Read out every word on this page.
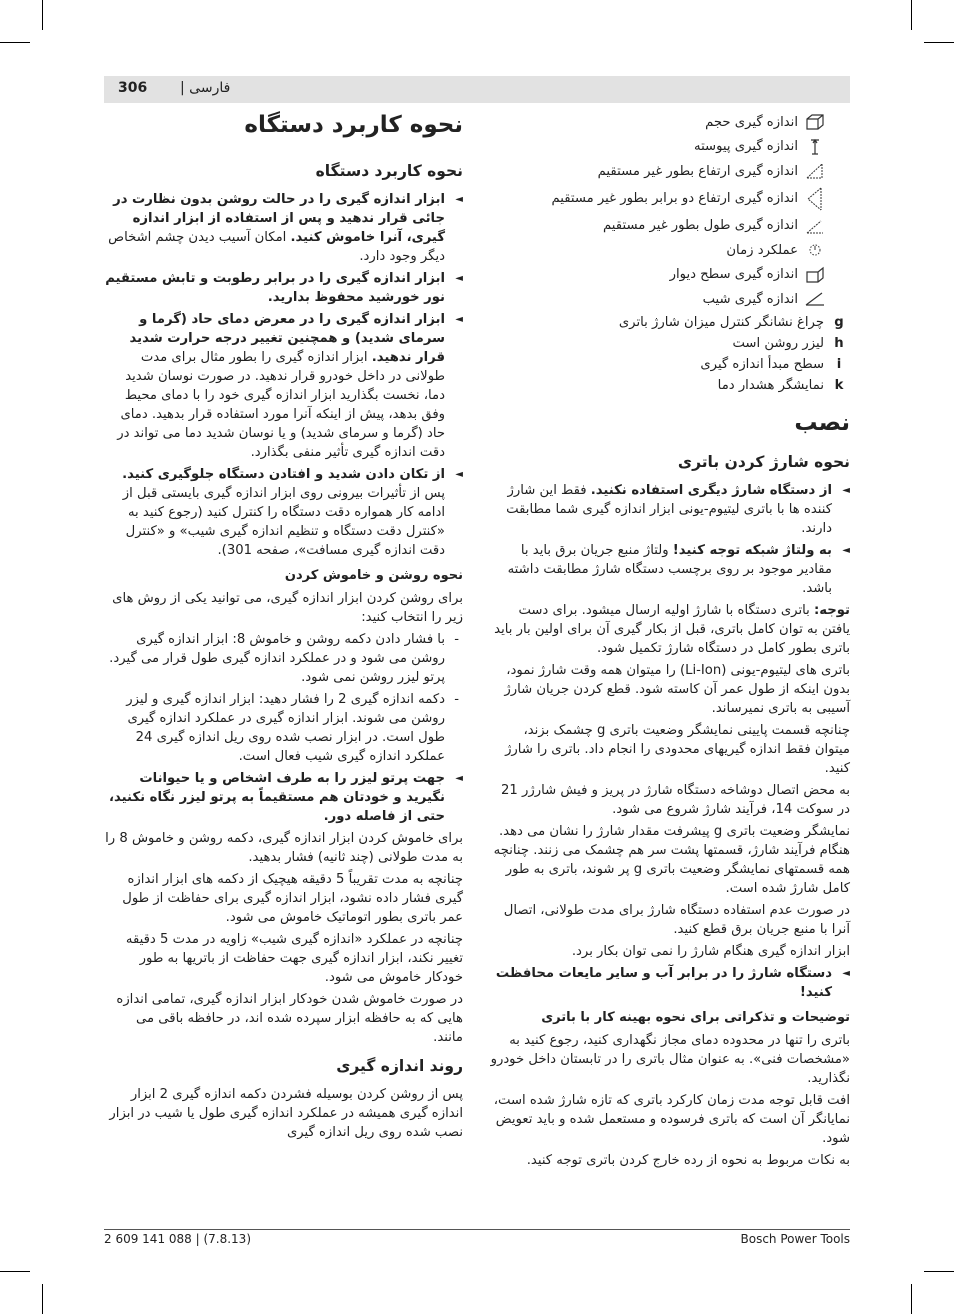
306 | فارسی
نحوه کاربرد دستگاه
نحوه کاربرد دستگاه
◄ ابزار اندازه گیری را در حالت روشن بدون نظارت در جائی قرار ندهید و پس از استفاده از ابزار اندازه گیری، آنرا خاموش کنید. امکان آسیب دیدن چشم اشخاص دیگر وجود دارد.
◄ ابزار اندازه گیری را در برابر رطوبت و تابش مستقیم نور خورشید محفوظ بدارید.
◄ ابزار اندازه گیری را در معرض دمای حاد (گرما و سرمای شدید) و همچنین تغییر درجه حرارت شدید قرار ندهید. ابزار اندازه گیری را بطور مثال برای مدت طولانی در داخل خودرو قرار ندهید. در صورت نوسان شدید دما، نخست بگذارید ابزار اندازه گیری خود را با دمای محیط وفق بدهد، پیش از اینکه آنرا مورد استفاده قرار بدهید. دمای حاد (گرما و سرمای شدید) و یا نوسان شدید دما می تواند در دقت اندازه گیری تأثیر منفی بگذارد.
◄ از تکان دادن شدید و افتادن دستگاه جلوگیری کنید. پس از تأثیرات بیرونی روی ابزار اندازه گیری بایستی قبل از ادامه کار همواره دقت دستگاه را کنترل کنید (رجوع کنید به «کنترل دقت دستگاه و تنظیم اندازه گیری شیب» و «کنترل دقت اندازه گیری مسافت»، صفحه 301).
نحوه روشن و خاموش کردن

برای روشن کردن ابزار اندازه گیری، می توانید یکی از روش های زیر را انتخاب کنید:

- با فشار دادن دکمه روشن و خاموش 8: ابزار اندازه گیری روشن می شود و در عملکرد اندازه گیری طول قرار می گیرد. پرتو لیزر روشن نمی شود.
- دکمه اندازه گیری 2 را فشار دهید: ابزار اندازه گیری و لیزر روشن می شوند. ابزار اندازه گیری در عملکرد اندازه گیری طول است. در ابزار نصب شده روی ریل اندازه گیری 24 عملکرد اندازه گیری شیب فعال است.
◄ جهت پرتو لیزر را به طرف اشخاص و یا حیوانات نگیرید و خودتان هم مستقیماً به پرتو لیزر نگاه نکنید، حتی از فاصله دور.

برای خاموش کردن ابزار اندازه گیری، دکمه روشن و خاموش 8 را به مدت طولانی (چند ثانیه) فشار بدهید.

چنانچه به مدت تقریباً 5 دقیقه هیچیک از دکمه های ابزار اندازه گیری فشار داده نشود، ابزار اندازه گیری برای حفاظت از طول عمر باتری بطور اتوماتیک خاموش می شود.

چنانچه در عملکرد «اندازه گیری شیب» زاویه در مدت 5 دقیقه تغییر نکند، ابزار اندازه گیری جهت حفاظت از باتریها به طور خودکار خاموش می شود.

در صورت خاموش شدن خودکار ابزار اندازه گیری، تمامی اندازه هایی که به حافظه ابزار سپرده شده اند، در حافظه باقی می مانند.

روند اندازه گیری

پس از روشن کردن بوسیله فشردن دکمه اندازه گیری 2 ابزار اندازه گیری همیشه در عملکرد اندازه گیری طول یا شیب در ابزار نصب شده روی ریل اندازه گیری

اندازه گیری حجم
اندازه گیری پیوسته
اندازه گیری ارتفاع بطور غیر مستقیم
اندازه گیری ارتفاع دو برابر بطور غیر مستقیم
اندازه گیری طول بطور غیر مستقیم
عملکرد زمان
اندازه گیری سطح دیوار
اندازه گیری شیب
g
چراغ نشانگر کنترل میزان شارژ باتری
h
لیزر روشن است
i
سطح مبدأ اندازه گیری
k
نمایشگر هشدار دما
نصب
نحوه شارژ کردن باتری
◄ از دستگاه شارژ دیگری استفاده نکنید. فقط این شارژ کننده ها با باتری لیتیوم-یونی ابزار اندازه گیری شما مطابقت دارند.
◄ به ولتاژ شبکه توجه کنید! ولتاژ منبع جریان برق باید با مقادیر موجود بر روی برچسب دستگاه شارژ مطابقت داشته باشد.

توجه: باتری دستگاه با شارژ اولیه ارسال میشود. برای دست یافتن به توان کامل باتری، قبل از بکار گیری آن برای اولین بار باید باتری بطور کامل در دستگاه شارژ تکمیل شود.

باتری های لیتیوم-یونی (Li-Ion) را میتوان همه وقت شارژ نمود، بدون اینکه از طول عمر آن کاسته شود. قطع کردن جریان شارژ آسیبی به باتری نمیرساند.

چنانچه قسمت پایینی نمایشگر وضعیت باتری g چشمک بزند، میتوان فقط اندازه گیریهای محدودی را انجام داد. باتری را شارژ کنید.

به محض اتصال دوشاخه دستگاه شارژ در پریز و فیش شارژر 21 در سوکت 14، فرآیند شارژ شروع می شود.

نمایشگر وضعیت باتری g پیشرفت مقدار شارژ را نشان می دهد. هنگام فرآیند شارژ، قسمتها پشت سر هم چشمک می زنند. چنانچه همه قسمتهای نمایشگر وضعیت باتری g پر شوند، باتری به طور کامل شارژ شده است.

در صورت عدم استفاده دستگاه شارژ برای مدت طولانی، اتصال آنرا با منبع جریان برق قطع کنید.

ابزار اندازه گیری هنگام شارژ را نمی توان بکار برد.

◄ دستگاه شارژ را در برابر آب و سایر مایعات محافظت کنید!
توضیحات و تذکراتی برای نحوه بهینه کار با باتری

باتری را تنها در محدوده دمای مجاز نگهداری کنید، رجوع کنید به «مشخصات فنی». به عنوان مثال باتری را در تابستان داخل خودرو نگذارید.

افت قابل توجه مدت زمان کارکرد باتری که تازه شارژ شده است، نمایانگر آن است که باتری فرسوده و مستعمل شده و باید تعویض شود.

به نکات مربوط به نحوه از رده خارج کردن باتری توجه کنید.

2 609 141 088 | (7.8.13)	Bosch Power Tools
